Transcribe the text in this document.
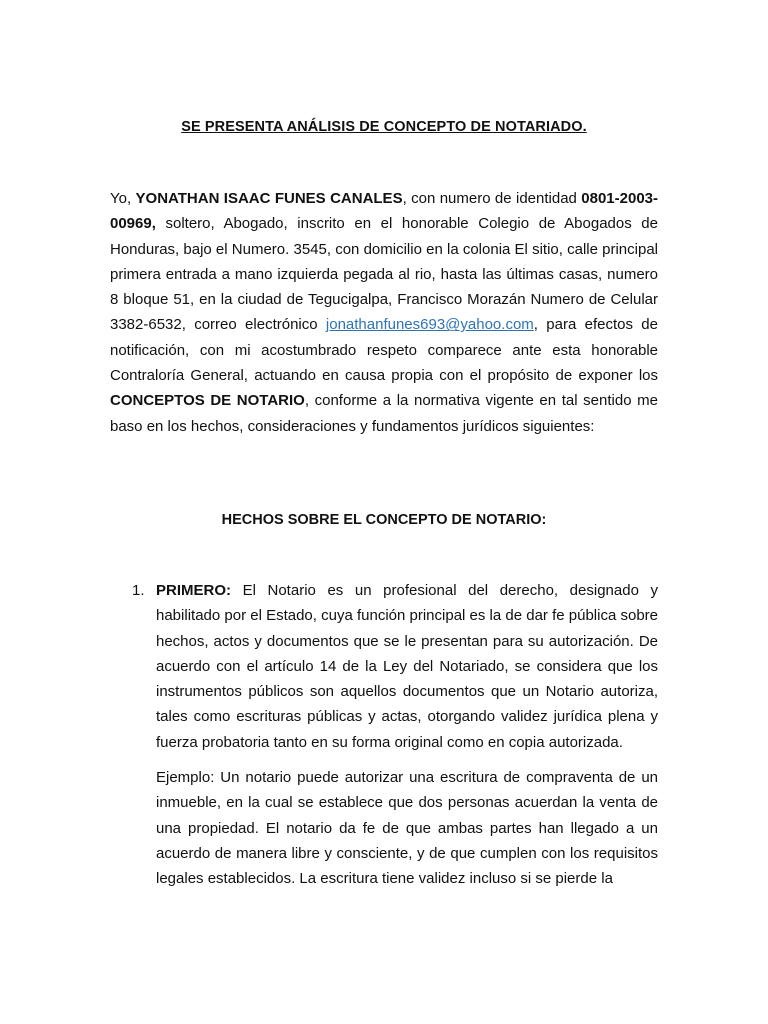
SE PRESENTA ANÁLISIS DE CONCEPTO DE NOTARIADO.

Yo, YONATHAN ISAAC FUNES CANALES, con numero de identidad 0801-2003-00969, soltero, Abogado, inscrito en el honorable Colegio de Abogados de Honduras, bajo el Numero. 3545, con domicilio en la colonia El sitio, calle principal primera entrada a mano izquierda pegada al rio, hasta las últimas casas, numero 8 bloque 51, en la ciudad de Tegucigalpa, Francisco Morazán Numero de Celular 3382-6532, correo electrónico jonathanfunes693@yahoo.com, para efectos de notificación, con mi acostumbrado respeto comparece ante esta honorable Contraloría General, actuando en causa propia con el propósito de exponer los CONCEPTOS DE NOTARIO, conforme a la normativa vigente en tal sentido me baso en los hechos, consideraciones y fundamentos jurídicos siguientes:

HECHOS SOBRE EL CONCEPTO DE NOTARIO:
1. PRIMERO: El Notario es un profesional del derecho, designado y habilitado por el Estado, cuya función principal es la de dar fe pública sobre hechos, actos y documentos que se le presentan para su autorización. De acuerdo con el artículo 14 de la Ley del Notariado, se considera que los instrumentos públicos son aquellos documentos que un Notario autoriza, tales como escrituras públicas y actas, otorgando validez jurídica plena y fuerza probatoria tanto en su forma original como en copia autorizada.
Ejemplo: Un notario puede autorizar una escritura de compraventa de un inmueble, en la cual se establece que dos personas acuerdan la venta de una propiedad. El notario da fe de que ambas partes han llegado a un acuerdo de manera libre y consciente, y de que cumplen con los requisitos legales establecidos. La escritura tiene validez incluso si se pierde la
